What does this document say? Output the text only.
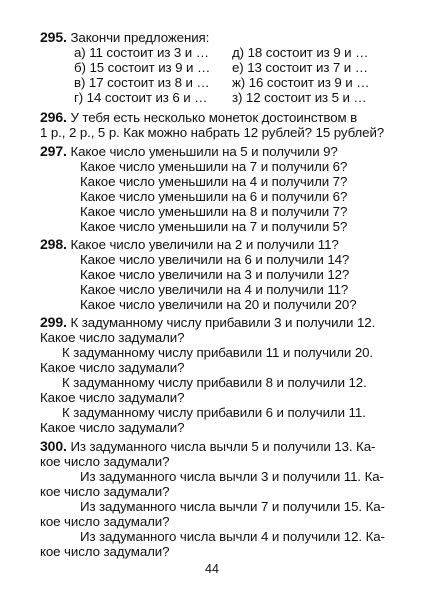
295. Закончи предложения:
а) 11 состоит из 3 и … д) 18 состоит из 9 и …
б) 15 состоит из 9 и … е) 13 состоит из 7 и …
в) 17 состоит из 8 и … ж) 16 состоит из 9 и …
г) 14 состоит из 6 и … з) 12 состоит из 5 и …
296. У тебя есть несколько монеток достоинством в
1 р., 2 р., 5 р. Как можно набрать 12 рублей? 15 рублей?
297. Какое число уменьшили на 5 и получили 9?
Какое число уменьшили на 7 и получили 6?
Какое число уменьшили на 4 и получили 7?
Какое число уменьшили на 6 и получили 6?
Какое число уменьшили на 8 и получили 7?
Какое число уменьшили на 7 и получили 5?
298. Какое число увеличили на 2 и получили 11?
Какое число увеличили на 6 и получили 14?
Какое число увеличили на 3 и получили 12?
Какое число увеличили на 4 и получили 11?
Какое число увеличили на 20 и получили 20?
299. К задуманному числу прибавили 3 и получили 12.
Какое число задумали?
К задуманному числу прибавили 11 и получили 20.
Какое число задумали?
К задуманному числу прибавили 8 и получили 12.
Какое число задумали?
К задуманному числу прибавили 6 и получили 11.
Какое число задумали?
300. Из задуманного числа вычли 5 и получили 13. Ка-
кое число задумали?
Из задуманного числа вычли 3 и получили 11. Ка-
кое число задумали?
Из задуманного числа вычли 7 и получили 15. Ка-
кое число задумали?
Из задуманного числа вычли 4 и получили 12. Ка-
кое число задумали?
44
